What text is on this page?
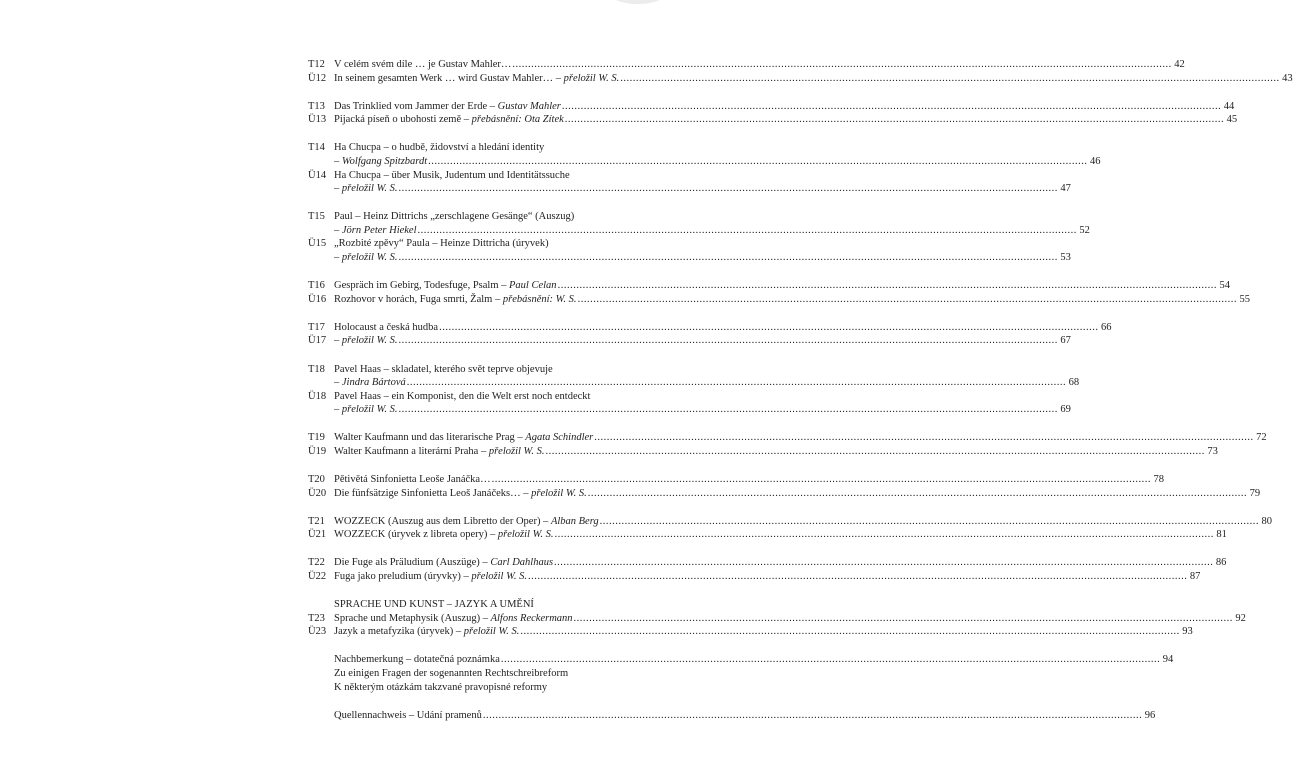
T12 V celém svém díle … je Gustav Mahler… .....	42
Ü12 In seinem gesamten Werk … wird Gustav Mahler… – přeložil W. S. .....	43
T13 Das Trinklied vom Jammer der Erde – Gustav Mahler .....	44
Ü13 Pijacká píseň o ubohosti země – přebásnění: Ota Zítek .....	45
T14 Ha Chucpa – o hudbě, židovství a hledání identity
– Wolfgang Spitzbardt .....	46
Ü14 Ha Chucpa – über Musik, Judentum und Identitätssuche
– přeložil W. S. .....	47
T15 Paul – Heinz Dittrichs „zerschlagene Gesänge“ (Auszug)
– Jörn Peter Hiekel .....	52
Ü15 „Rozbité zpěvy“ Paula – Heinze Dittricha (úryvek)
– přeložil W. S. .....	53
T16 Gespräch im Gebirg, Todesfuge, Psalm – Paul Celan .....	54
Ü16 Rozhovor v horách, Fuga smrti, Žalm – přebásnění: W. S. .....	55
T17 Holocaust a česká hudba .....	66
Ü17 – přeložil W. S. .....	67
T18 Pavel Haas – skladatel, kterého svět teprve objevuje
– Jindra Bártová .....	68
Ü18 Pavel Haas – ein Komponist, den die Welt erst noch entdeckt
– přeložil W. S. .....	69
T19 Walter Kaufmann und das literarische Prag – Agata Schindler .....	72
Ü19 Walter Kaufmann a literární Praha – přeložil W. S. .....	73
T20 Pětivětá Sinfonietta Leoše Janáčka… .....	78
Ü20 Die fünfsätzige Sinfonietta Leoš Janáčeks… – přeložil W. S. .....	79
T21 WOZZECK (Auszug aus dem Libretto der Oper) – Alban Berg .....	80
Ü21 WOZZECK (úryvek z libreta opery) – přeložil W. S. .....	81
T22 Die Fuge als Präludium (Auszüge) – Carl Dahlhaus .....	86
Ü22 Fuga jako preludium (úryvky) – přeložil W. S. .....	87
SPRACHE UND KUNST – JAZYK A UMĚNÍ
T23 Sprache und Metaphysik (Auszug) – Alfons Reckermann .....	92
Ü23 Jazyk a metafyzika (úryvek) – přeložil W. S. .....	93
Nachbemerkung – dotatečná poznámka .....	94
Zu einigen Fragen der sogenannten Rechtschreibreform
K některým otázkám takzvané pravopisné reformy
Quellennachweis – Udání pramenů .....	96
